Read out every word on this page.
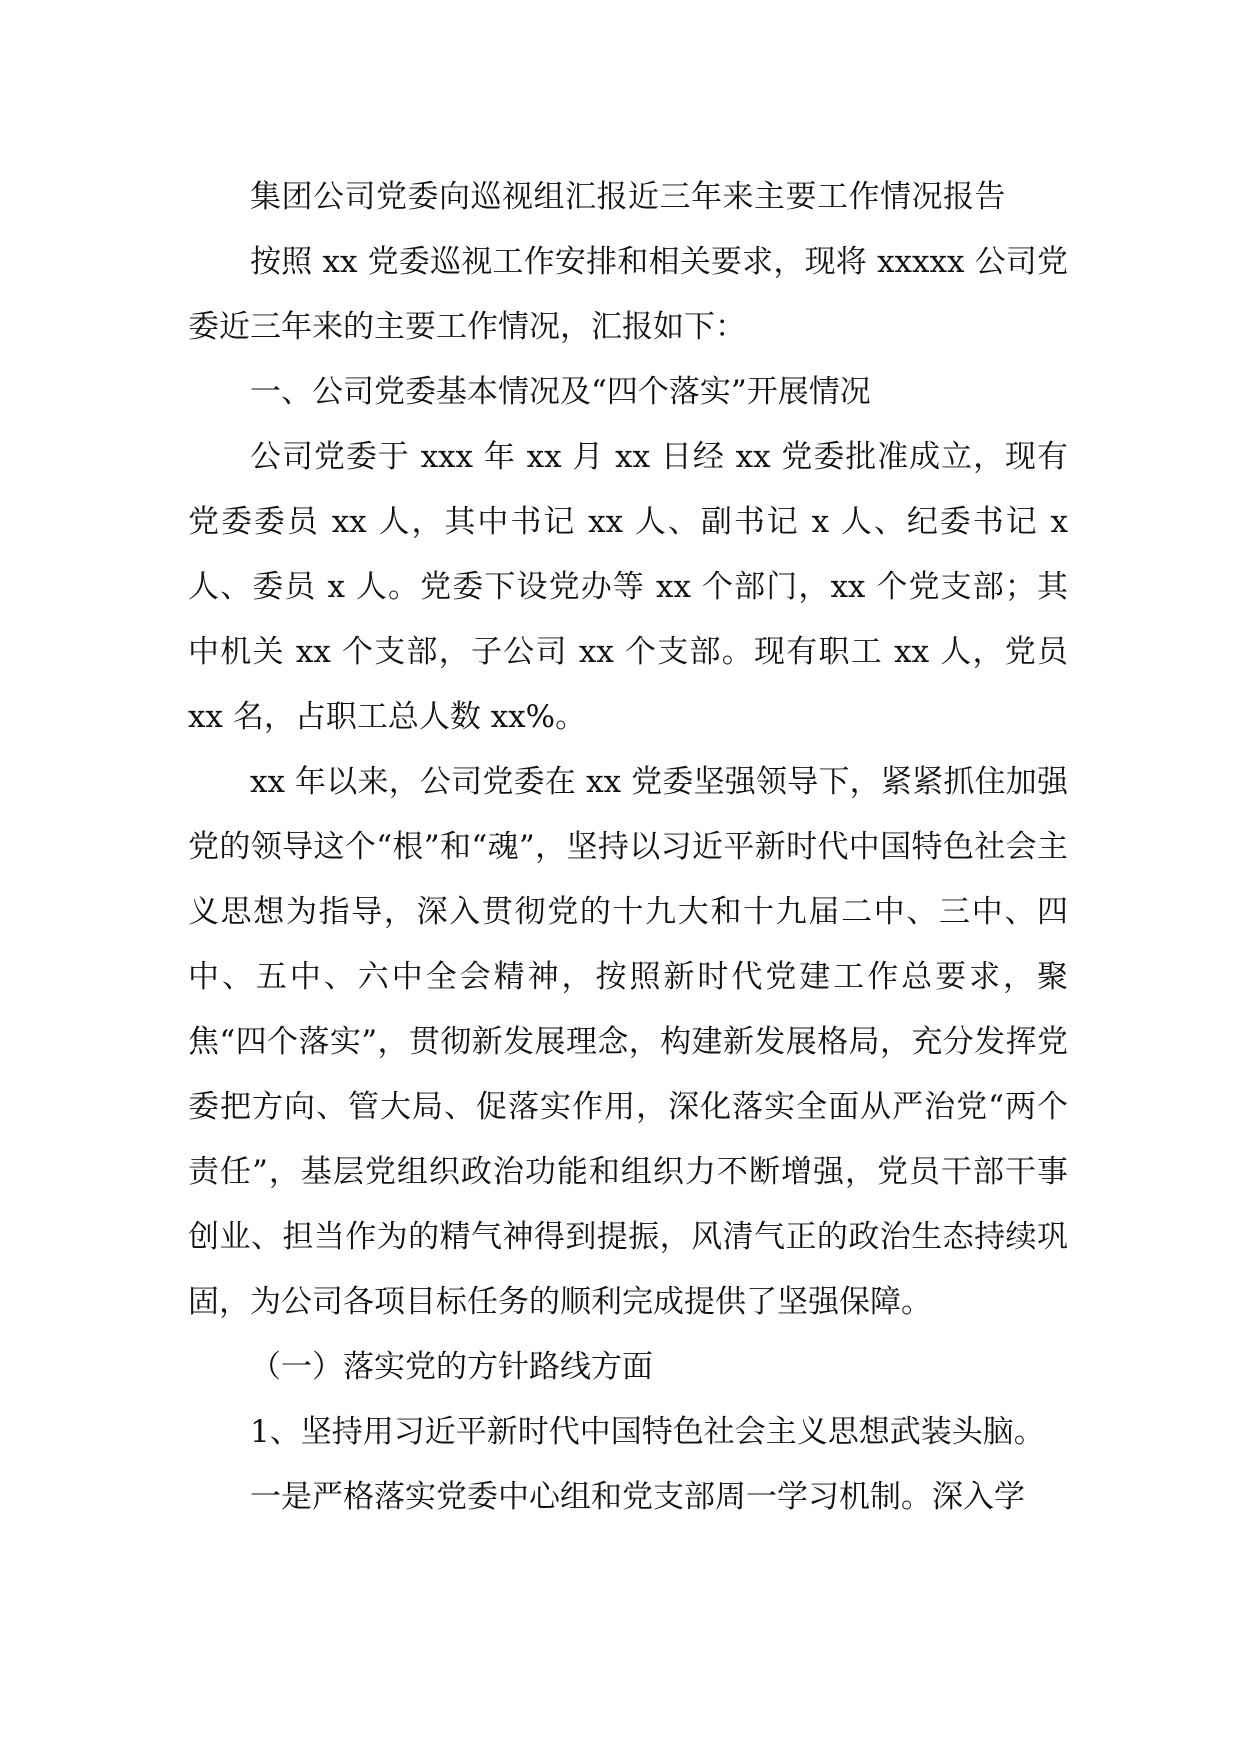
集团公司党委向巡视组汇报近三年来主要工作情况报告

按照 xx 党委巡视工作安排和相关要求，现将 xxxxx 公司党委近三年来的主要工作情况，汇报如下：

一、公司党委基本情况及“四个落实”开展情况

公司党委于 xxx 年 xx 月 xx 日经 xx 党委批准成立，现有党委委员 xx 人，其中书记 xx 人、副书记 x 人、纪委书记 x 人、委员 x 人。党委下设党办等 xx 个部门，xx 个党支部；其中机关 xx 个支部，子公司 xx 个支部。现有职工 xx 人，党员 xx 名，占职工总人数 xx%。

xx 年以来，公司党委在 xx 党委坚强领导下，紧紧抓住加强党的领导这个“根”和“魂”，坚持以习近平新时代中国特色社会主义思想为指导，深入贯彻党的十九大和十九届二中、三中、四中、五中、六中全会精神，按照新时代党建工作总要求，聚焦“四个落实”，贯彻新发展理念，构建新发展格局，充分发挥党委把方向、管大局、促落实作用，深化落实全面从严治党“两个责任”，基层党组织政治功能和组织力不断增强，党员干部干事创业、担当作为的精气神得到提振，风清气正的政治生态持续巩固，为公司各项目标任务的顺利完成提供了坚强保障。

（一）落实党的方针路线方面

1、坚持用习近平新时代中国特色社会主义思想武装头脑。

一是严格落实党委中心组和党支部周一学习机制。深入学
